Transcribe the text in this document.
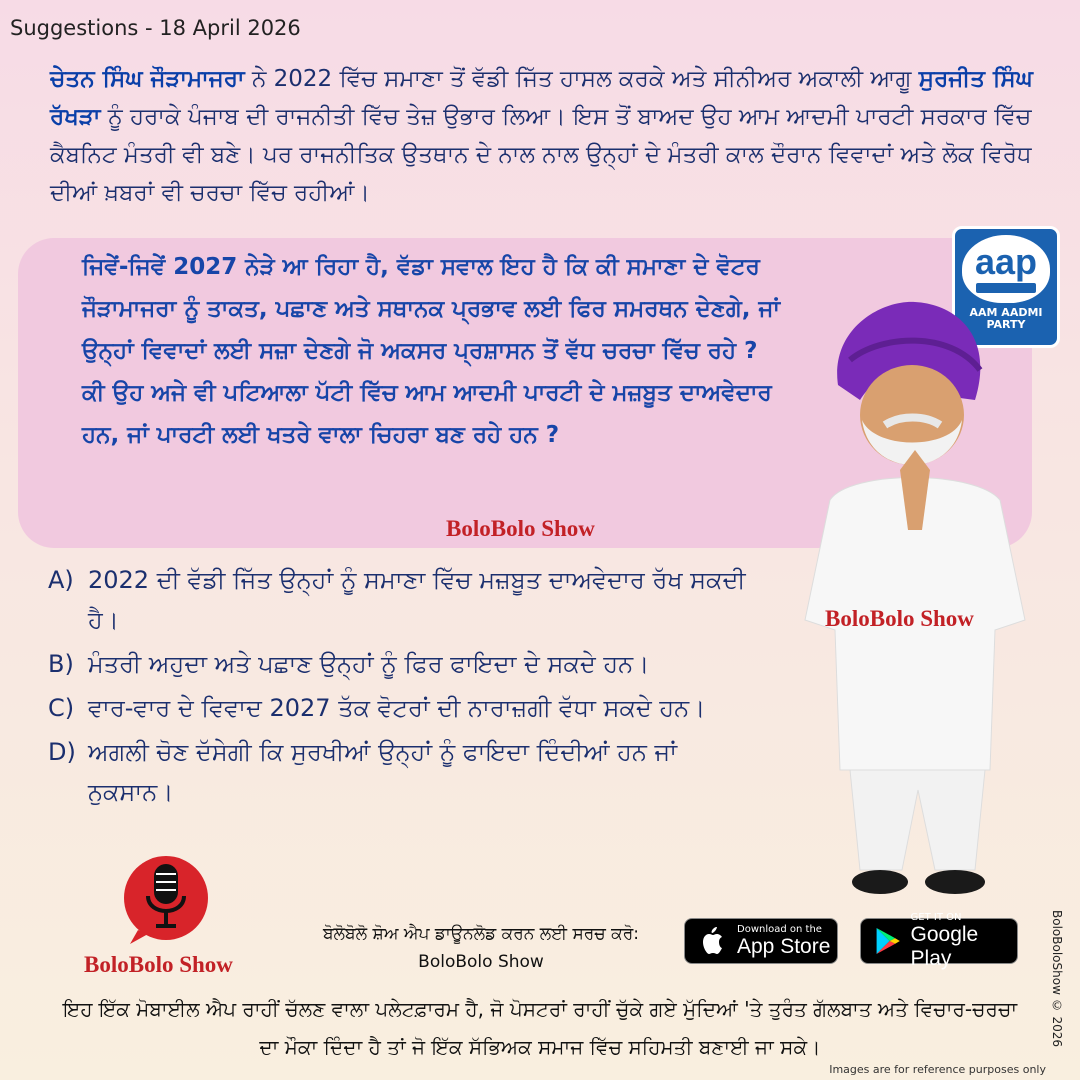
Suggestions - 18 April 2026
ਚੇਤਨ ਸਿੰਘ ਜੌੜਾਮਾਜਰਾ ਨੇ 2022 ਵਿੱਚ ਸਮਾਣਾ ਤੋਂ ਵੱਡੀ ਜਿੱਤ ਹਾਸਲ ਕਰਕੇ ਅਤੇ ਸੀਨੀਅਰ ਅਕਾਲੀ ਆਗੂ ਸੁਰਜੀਤ ਸਿੰਘ ਰੱਖੜਾ ਨੂੰ ਹਰਾਕੇ ਪੰਜਾਬ ਦੀ ਰਾਜਨੀਤੀ ਵਿੱਚ ਤੇਜ਼ ਉਭਾਰ ਲਿਆ। ਇਸ ਤੋਂ ਬਾਅਦ ਉਹ ਆਮ ਆਦਮੀ ਪਾਰਟੀ ਸਰਕਾਰ ਵਿੱਚ ਕੈਬਨਿਟ ਮੰਤਰੀ ਵੀ ਬਣੇ। ਪਰ ਰਾਜਨੀਤਿਕ ਉਤਥਾਨ ਦੇ ਨਾਲ ਨਾਲ ਉਨ੍ਹਾਂ ਦੇ ਮੰਤਰੀ ਕਾਲ ਦੌਰਾਨ ਵਿਵਾਦਾਂ ਅਤੇ ਲੋਕ ਵਿਰੋਧ ਦੀਆਂ ਖ਼ਬਰਾਂ ਵੀ ਚਰਚਾ ਵਿੱਚ ਰਹੀਆਂ।
ਜਿਵੇਂ-ਜਿਵੇਂ 2027 ਨੇੜੇ ਆ ਰਿਹਾ ਹੈ, ਵੱਡਾ ਸਵਾਲ ਇਹ ਹੈ ਕਿ ਕੀ ਸਮਾਣਾ ਦੇ ਵੋਟਰ ਜੌੜਾਮਾਜਰਾ ਨੂੰ ਤਾਕਤ, ਪਛਾਣ ਅਤੇ ਸਥਾਨਕ ਪ੍ਰਭਾਵ ਲਈ ਫਿਰ ਸਮਰਥਨ ਦੇਣਗੇ, ਜਾਂ ਉਨ੍ਹਾਂ ਵਿਵਾਦਾਂ ਲਈ ਸਜ਼ਾ ਦੇਣਗੇ ਜੋ ਅਕਸਰ ਪ੍ਰਸ਼ਾਸਨ ਤੋਂ ਵੱਧ ਚਰਚਾ ਵਿੱਚ ਰਹੇ ?
ਕੀ ਉਹ ਅਜੇ ਵੀ ਪਟਿਆਲਾ ਪੱਟੀ ਵਿੱਚ ਆਮ ਆਦਮੀ ਪਾਰਟੀ ਦੇ ਮਜ਼ਬੂਤ ਦਾਅਵੇਦਾਰ ਹਨ, ਜਾਂ ਪਾਰਟੀ ਲਈ ਖਤਰੇ ਵਾਲਾ ਚਿਹਰਾ ਬਣ ਰਹੇ ਹਨ ?
aap
AAM AADMI PARTY
BoloBolo Show
BoloBolo Show
A) 2022 ਦੀ ਵੱਡੀ ਜਿੱਤ ਉਨ੍ਹਾਂ ਨੂੰ ਸਮਾਣਾ ਵਿੱਚ ਮਜ਼ਬੂਤ ਦਾਅਵੇਦਾਰ ਰੱਖ ਸਕਦੀ ਹੈ।
B) ਮੰਤਰੀ ਅਹੁਦਾ ਅਤੇ ਪਛਾਣ ਉਨ੍ਹਾਂ ਨੂੰ ਫਿਰ ਫਾਇਦਾ ਦੇ ਸਕਦੇ ਹਨ।
C) ਵਾਰ-ਵਾਰ ਦੇ ਵਿਵਾਦ 2027 ਤੱਕ ਵੋਟਰਾਂ ਦੀ ਨਾਰਾਜ਼ਗੀ ਵੱਧਾ ਸਕਦੇ ਹਨ।
D) ਅਗਲੀ ਚੋਣ ਦੱਸੇਗੀ ਕਿ ਸੁਰਖੀਆਂ ਉਨ੍ਹਾਂ ਨੂੰ ਫਾਇਦਾ ਦਿੰਦੀਆਂ ਹਨ ਜਾਂ ਨੁਕਸਾਨ।
BoloBolo Show
ਬੋਲੋਬੋਲੋ ਸ਼ੋਅ ਐਪ ਡਾਊਨਲੋਡ ਕਰਨ ਲਈ ਸਰਚ ਕਰੋ:
BoloBolo Show
Download on the
App Store
GET IT ON
Google Play
ਇਹ ਇੱਕ ਮੋਬਾਈਲ ਐਪ ਰਾਹੀਂ ਚੱਲਣ ਵਾਲਾ ਪਲੇਟਫ਼ਾਰਮ ਹੈ, ਜੋ ਪੋਸਟਰਾਂ ਰਾਹੀਂ ਚੁੱਕੇ ਗਏ ਮੁੱਦਿਆਂ 'ਤੇ ਤੁਰੰਤ ਗੱਲਬਾਤ ਅਤੇ ਵਿਚਾਰ-ਚਰਚਾ ਦਾ ਮੌਕਾ ਦਿੰਦਾ ਹੈ ਤਾਂ ਜੋ ਇੱਕ ਸੱਭਿਅਕ ਸਮਾਜ ਵਿੱਚ ਸਹਿਮਤੀ ਬਣਾਈ ਜਾ ਸਕੇ।	BoloBoloShow © 2026
Images are for reference purposes only
